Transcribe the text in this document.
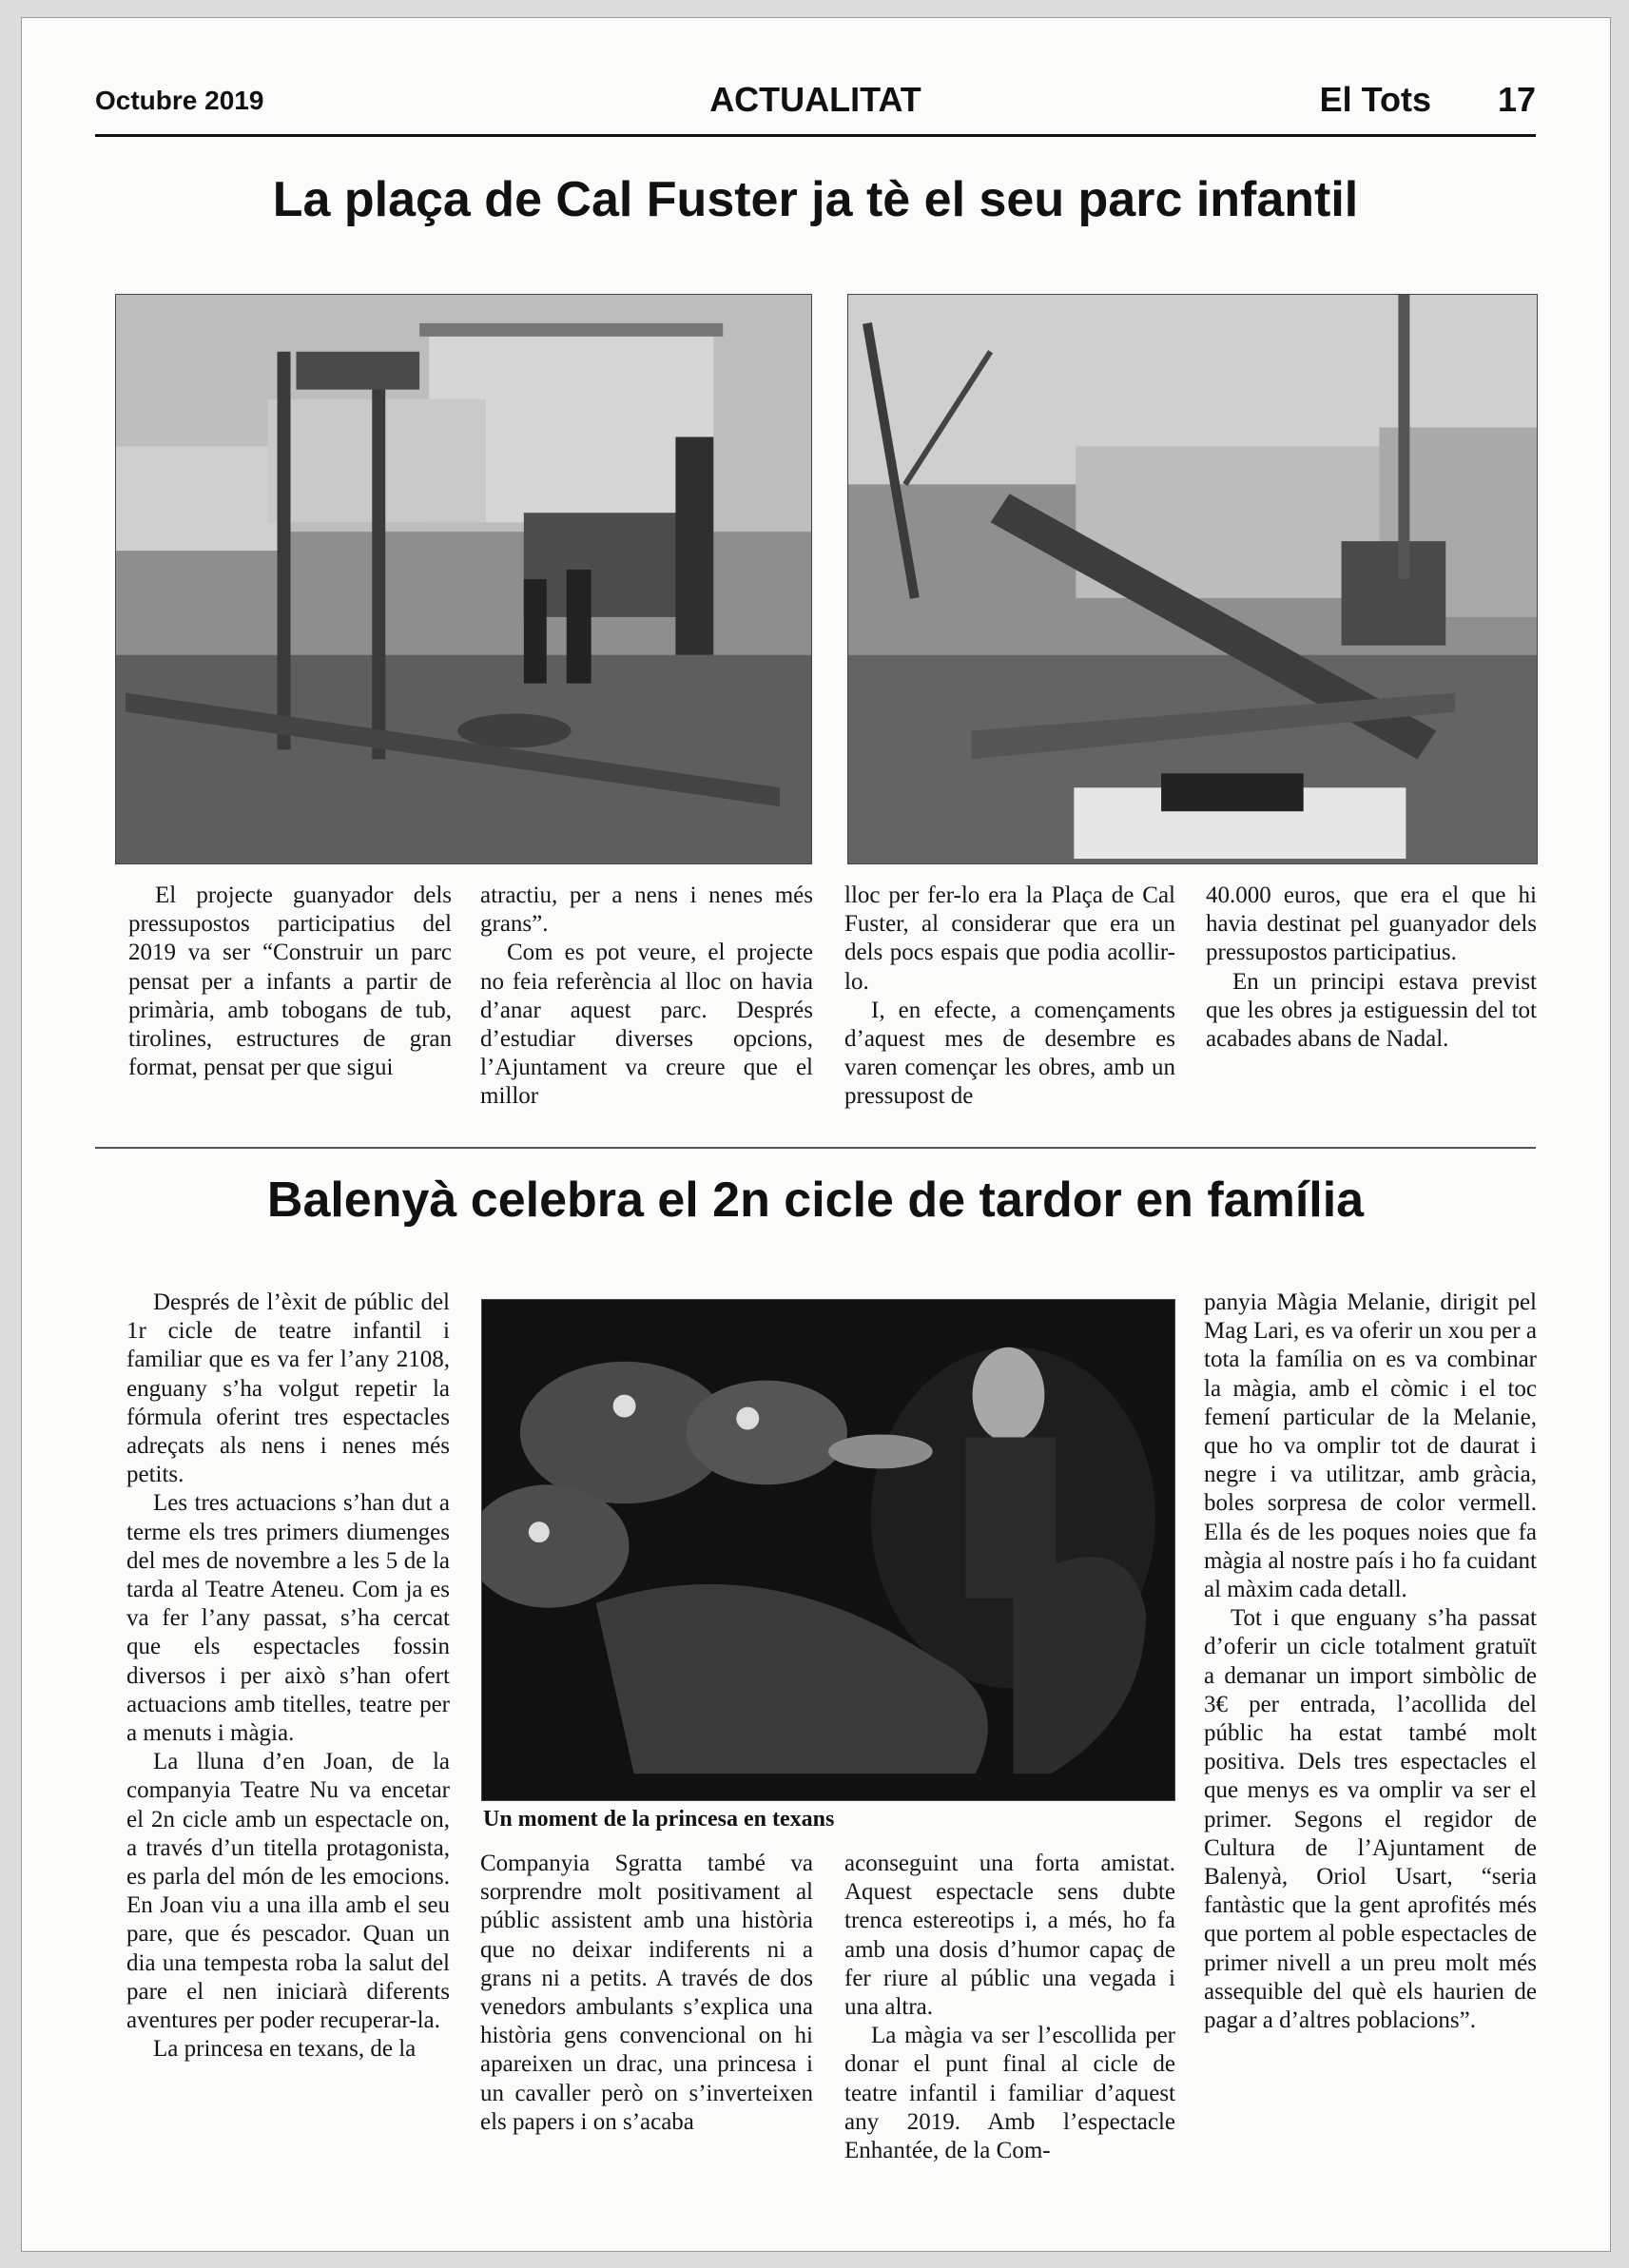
Octubre 2019	ACTUALITAT	El Tots 17
La plaça de Cal Fuster ja tè el seu parc infantil

El projecte guanyador dels pressupostos participatius del 2019 va ser “Construir un parc pensat per a infants a partir de primària, amb tobogans de tub, tirolines, estructures de gran format, pensat per que sigui

atractiu, per a nens i nenes més grans”.

Com es pot veure, el projecte no feia referència al lloc on havia d’anar aquest parc. Després d’estudiar diverses opcions, l’Ajuntament va creure que el millor

lloc per fer-lo era la Plaça de Cal Fuster, al considerar que era un dels pocs espais que podia acollir-lo.

I, en efecte, a començaments d’aquest mes de desembre es varen començar les obres, amb un pressupost de

40.000 euros, que era el que hi havia destinat pel guanyador dels pressupostos participatius.

En un principi estava previst que les obres ja estiguessin del tot acabades abans de Nadal.

Balenyà celebra el 2n cicle de tardor en família

Després de l’èxit de públic del 1r cicle de teatre infantil i familiar que es va fer l’any 2108, enguany s’ha volgut repetir la fórmula oferint tres espectacles adreçats als nens i nenes més petits.

Les tres actuacions s’han dut a terme els tres primers diumenges del mes de novembre a les 5 de la tarda al Teatre Ateneu. Com ja es va fer l’any passat, s’ha cercat que els espectacles fossin diversos i per això s’han ofert actuacions amb titelles, teatre per a menuts i màgia.

La lluna d’en Joan, de la companyia Teatre Nu va encetar el 2n cicle amb un espectacle on, a través d’un titella protagonista, es parla del món de les emocions. En Joan viu a una illa amb el seu pare, que és pescador. Quan un dia una tempesta roba la salut del pare el nen iniciarà diferents aventures per poder recuperar-la.

La princesa en texans, de la

Un moment de la princesa en texans

Companyia Sgratta també va sorprendre molt positivament al públic assistent amb una història que no deixar indiferents ni a grans ni a petits. A través de dos venedors ambulants s’explica una història gens convencional on hi apareixen un drac, una princesa i un cavaller però on s’inverteixen els papers i on s’acaba

aconseguint una forta amistat. Aquest espectacle sens dubte trenca estereotips i, a més, ho fa amb una dosis d’humor capaç de fer riure al públic una vegada i una altra.

La màgia va ser l’escollida per donar el punt final al cicle de teatre infantil i familiar d’aquest any 2019. Amb l’espectacle Enhantée, de la Com-

panyia Màgia Melanie, dirigit pel Mag Lari, es va oferir un xou per a tota la família on es va combinar la màgia, amb el còmic i el toc femení particular de la Melanie, que ho va omplir tot de daurat i negre i va utilitzar, amb gràcia, boles sorpresa de color vermell. Ella és de les poques noies que fa màgia al nostre país i ho fa cuidant al màxim cada detall.

Tot i que enguany s’ha passat d’oferir un cicle totalment gratuït a demanar un import simbòlic de 3€ per entrada, l’acollida del públic ha estat també molt positiva. Dels tres espectacles el que menys es va omplir va ser el primer. Segons el regidor de Cultura de l’Ajuntament de Balenyà, Oriol Usart, “seria fantàstic que la gent aprofités més que portem al poble espectacles de primer nivell a un preu molt més assequible del què els haurien de pagar a d’altres poblacions”.
